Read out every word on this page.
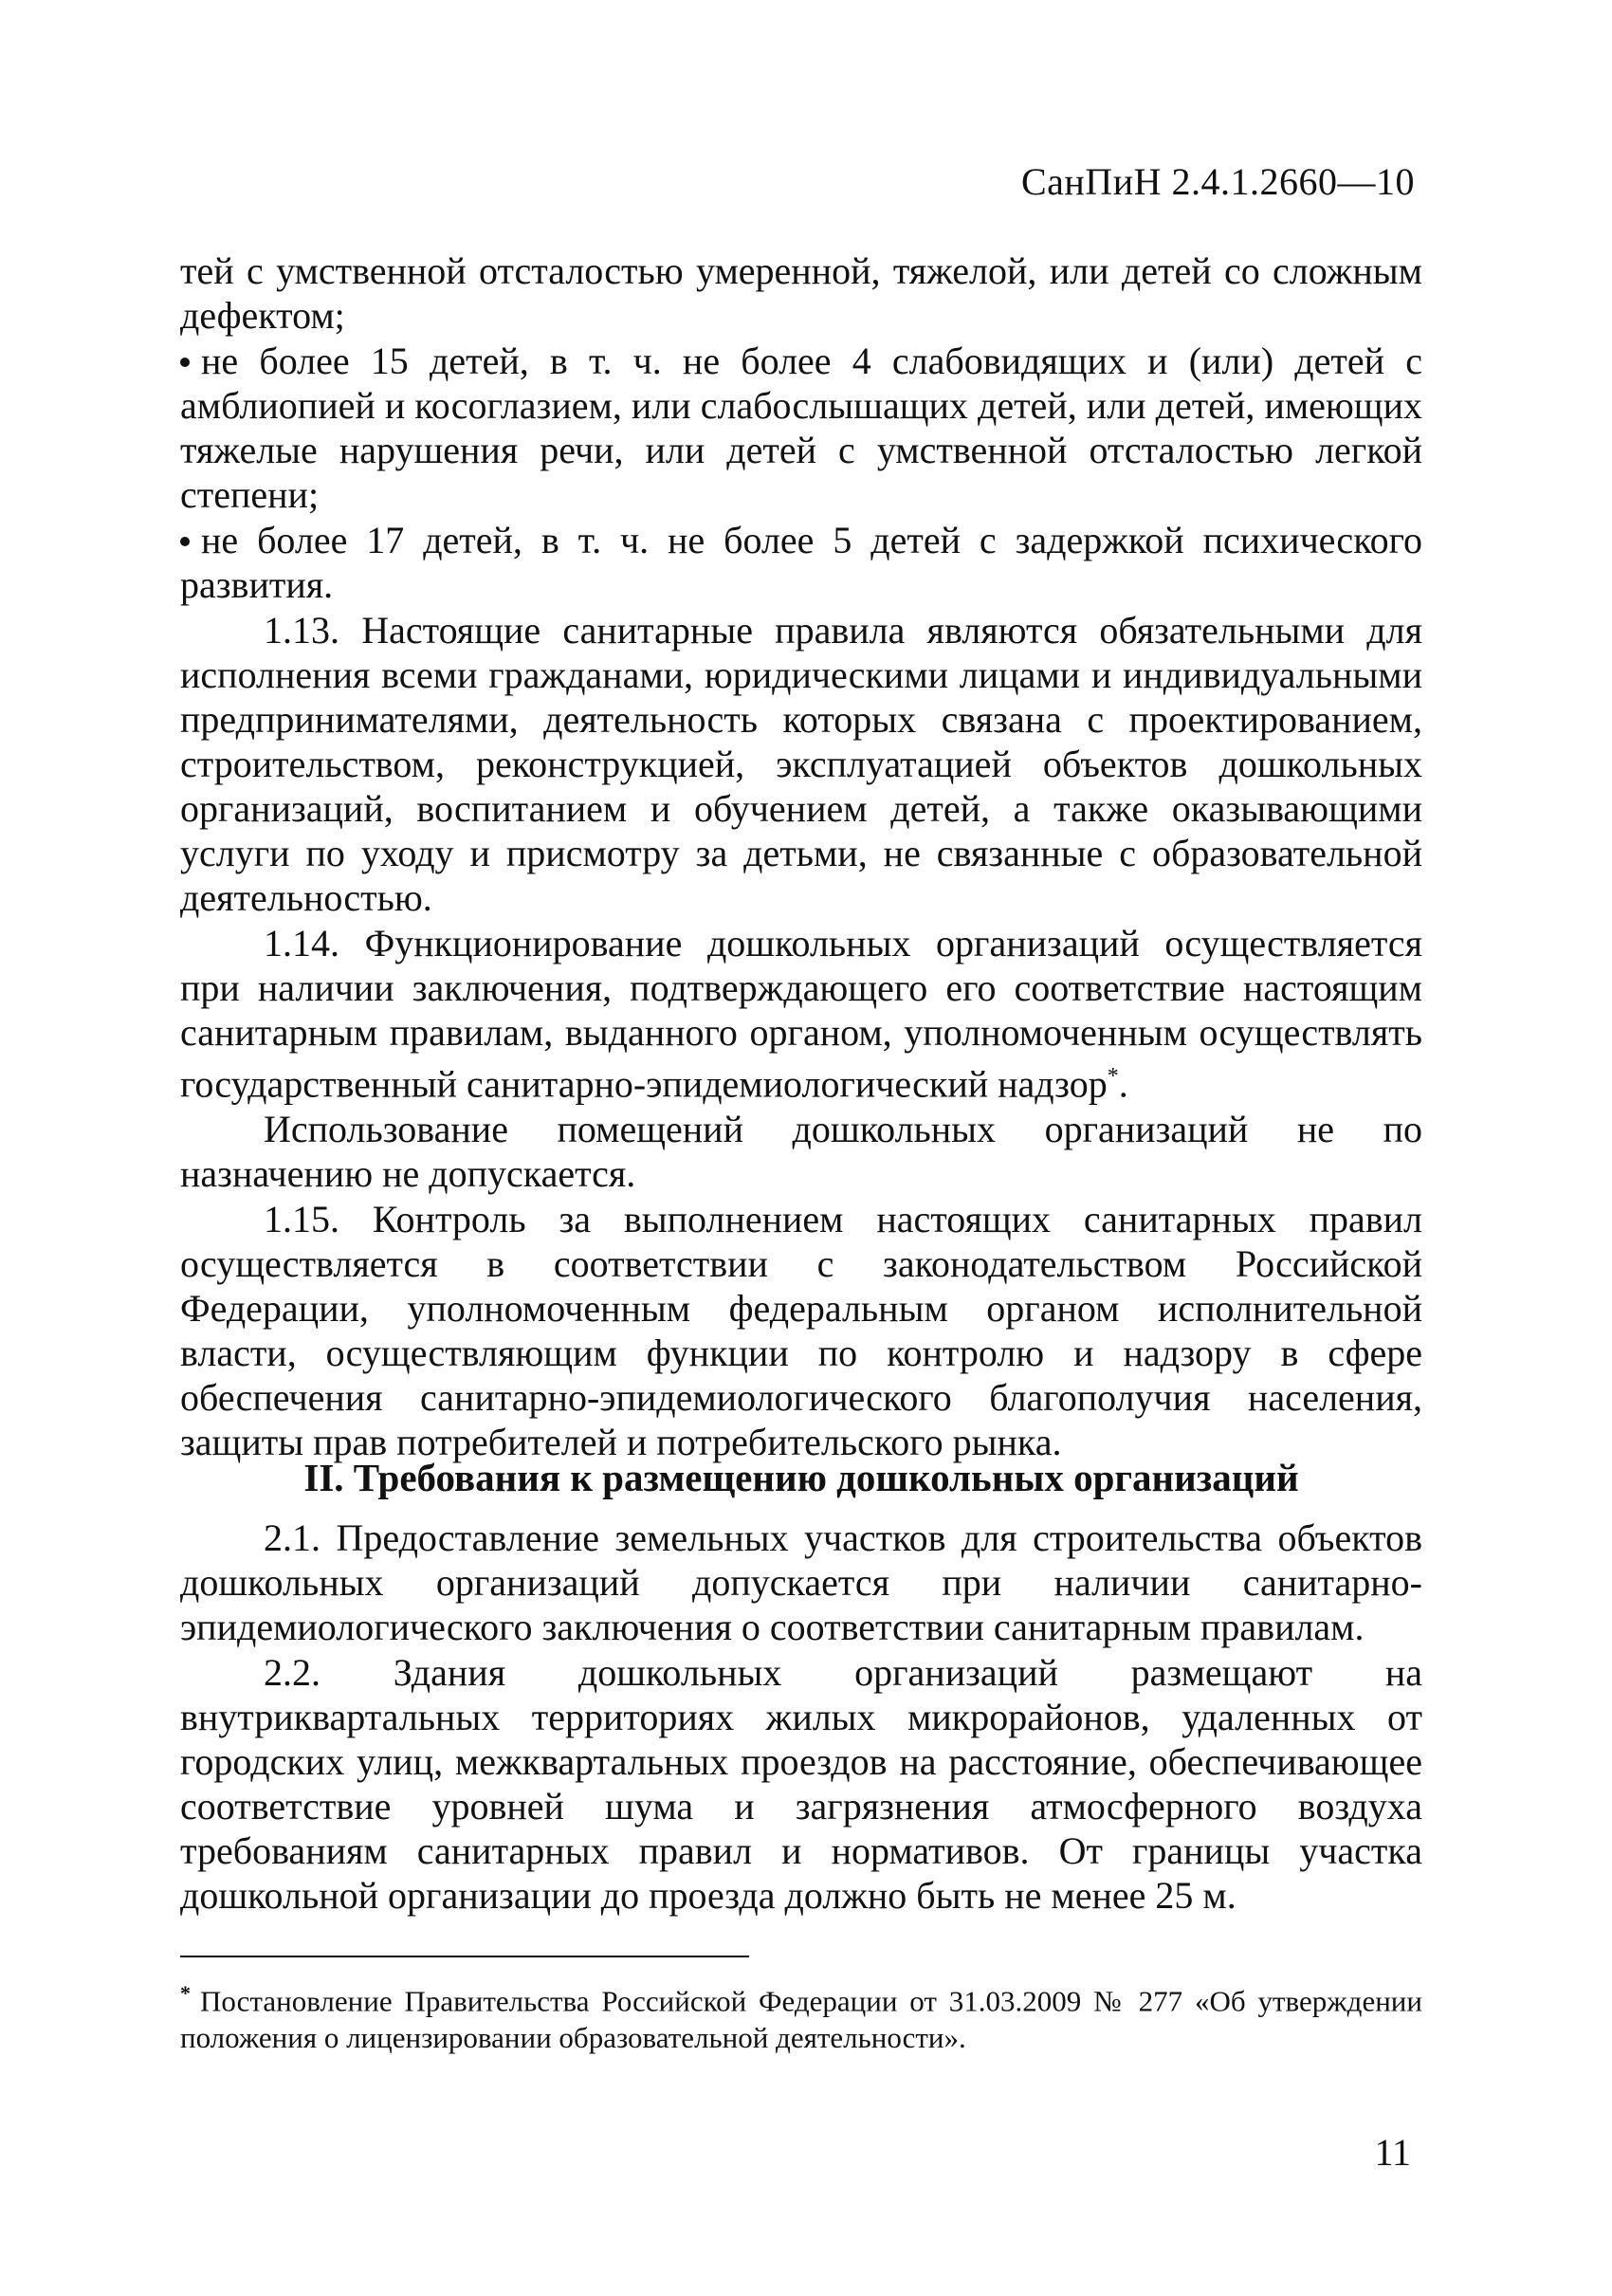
СанПиН 2.4.1.2660—10

тей с умственной отсталостью умеренной, тяжелой, или детей со сложным дефектом;

не более 15 детей, в т. ч. не более 4 слабовидящих и (или) детей с амблиопией и косоглазием, или слабослышащих детей, или детей, имеющих тяжелые нарушения речи, или детей с умственной отсталостью легкой степени;

не более 17 детей, в т. ч. не более 5 детей с задержкой психического развития.

1.13. Настоящие санитарные правила являются обязательными для исполнения всеми гражданами, юридическими лицами и индивидуальными предпринимателями, деятельность которых связана с проектированием, строительством, реконструкцией, эксплуатацией объектов дошкольных организаций, воспитанием и обучением детей, а также оказывающими услуги по уходу и присмотру за детьми, не связанные с образовательной деятельностью.

1.14. Функционирование дошкольных организаций осуществляется при наличии заключения, подтверждающего его соответствие настоящим санитарным правилам, выданного органом, уполномоченным осуществлять государственный санитарно-эпидемиологический надзор*.

Использование помещений дошкольных организаций не по назначению не допускается.

1.15. Контроль за выполнением настоящих санитарных правил осуществляется в соответствии с законодательством Российской Федерации, уполномоченным федеральным органом исполнительной власти, осуществляющим функции по контролю и надзору в сфере обеспечения санитарно-эпидемиологического благополучия населения, защиты прав потребителей и потребительского рынка.

II. Требования к размещению дошкольных организаций

2.1. Предоставление земельных участков для строительства объектов дошкольных организаций допускается при наличии санитарно-эпидемиологического заключения о соответствии санитарным правилам.

2.2. Здания дошкольных организаций размещают на внутриквартальных территориях жилых микрорайонов, удаленных от городских улиц, межквартальных проездов на расстояние, обеспечивающее соответствие уровней шума и загрязнения атмосферного воздуха требованиям санитарных правил и нормативов. От границы участка дошкольной организации до проезда должно быть не менее 25 м.

* Постановление Правительства Российской Федерации от 31.03.2009 № 277 «Об утверждении положения о лицензировании образовательной деятельности».
11
